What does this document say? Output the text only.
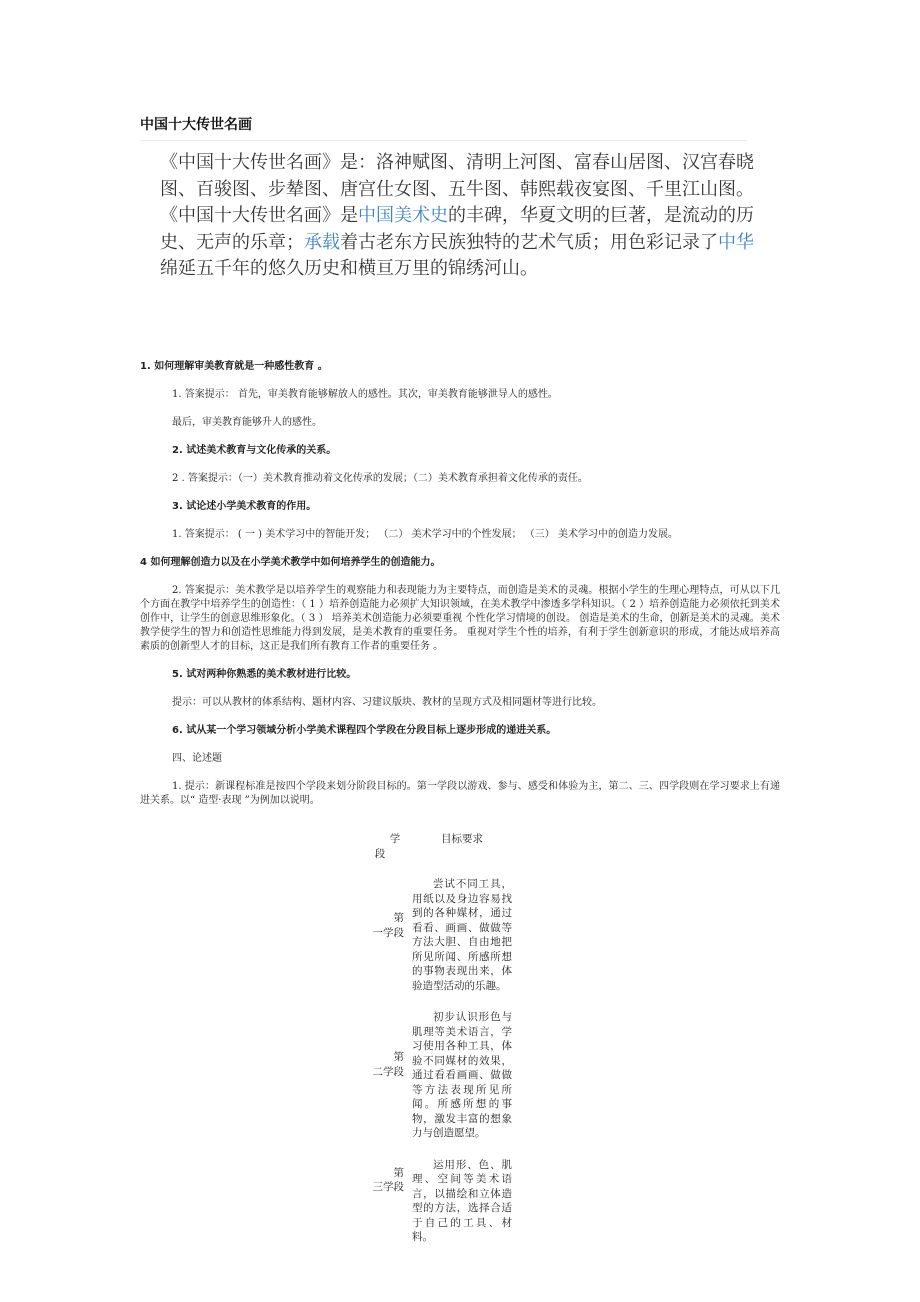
中国十大传世名画

《中国十大传世名画》是：洛神赋图、清明上河图、富春山居图、汉宫春晓图、百骏图、步辇图、唐宫仕女图、五牛图、韩熙载夜宴图、千里江山图。

《中国十大传世名画》是中国美术史的丰碑，华夏文明的巨著，是流动的历史、无声的乐章；承载着古老东方民族独特的艺术气质；用色彩记录了中华绵延五千年的悠久历史和横亘万里的锦绣河山。

1. 如何理解审美教育就是一种感性教育 。

1. 答案提示： 首先，审美教育能够解放人的感性。其次，审美教育能够泄导人的感性。

最后，审美教育能够升人的感性。

2. 试述美术教育与文化传承的关系。

2 . 答案提示：（一）美术教育推动着文化传承的发展；（二）美术教育承担着文化传承的责任。

3. 试论述小学美术教育的作用。

1. 答案提示： ( 一 ) 美术学习中的智能开发； （二） 美术学习中的个性发展； （三） 美术学习中的创造力发展。

4 如何理解创造力以及在小学美术教学中如何培养学生的创造能力。

2. 答案提示：美术教学是以培养学生的观察能力和表现能力为主要特点，而创造是美术的灵魂。根据小学生的生理心理特点，可从以下几个方面在教学中培养学生的创造性：（ 1 ）培养创造能力必须扩大知识领域，在美术教学中渗透多学科知识。（ 2 ）培养创造能力必须依托到美术创作中，让学生的创意思维形象化。（ 3 ） 培养美术创造能力必须要重视 个性化学习情境的创设。 创造是美术的生命，创新是美术的灵魂。美术教学使学生的智力和创造性思维能力得到发展，是美术教育的重要任务。 重视对学生个性的培养，有利于学生创新意识的形成，才能达成培养高素质的创新型人才的目标，这正是我们所有教育工作者的重要任务 。

5. 试对两种你熟悉的美术教材进行比较。

提示：可以从教材的体系结构、题材内容、习建议版块、教材的呈现方式及相同题材等进行比较。

6. 试从某一个学习领域分析小学美术课程四个学段在分段目标上逐步形成的递进关系。

四、论述题

1. 提示：新课程标准是按四个学段来划分阶段目标的。第一学段以游戏、参与、感受和体验为主，第二、三、四学段则在学习要求上有递进关系。以“ 造型·表现 ”为例加以说明。

学
段
目标要求
第
一学段
尝试不同工具，用纸以及身边容易找到的各种媒材，通过看看、画画、做做等方法大胆、自由地把所见所闻、所感所想的事物表现出来，体验造型活动的乐趣。
第
二学段
初步认识形色与肌理等美术语言，学习使用各种工具，体验不同媒材的效果，通过看看画画、做做等方法表现所见所闻。所感所想的事物，激发丰富的想象力与创造愿望。
第
三学段
运用形、色、肌理、空间等美术语言，以描绘和立体造型的方法，选择合适于自己的工具、材料。
